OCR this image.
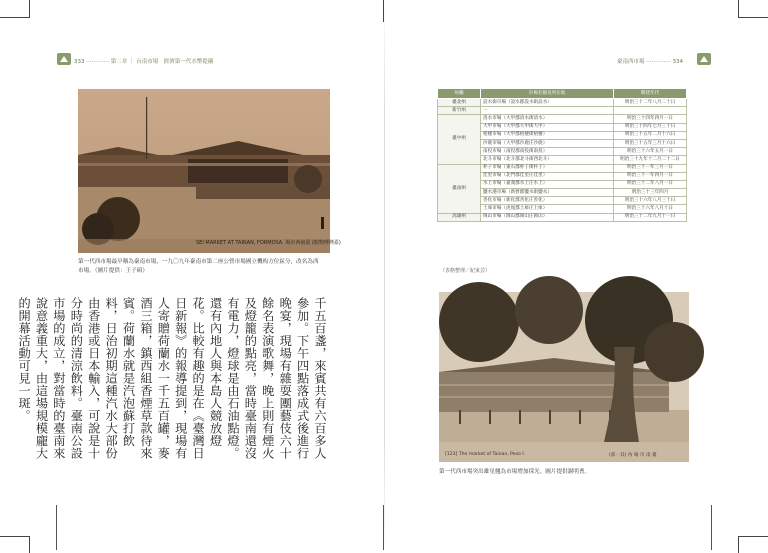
333 ············· 第二章 ｜ 台南市場　經濟第一代水幣提襯	臺南西市場 ·············· 334
SEI MARKET AT TAINAN, FORMOSA. 場市西南臺 (館物博灣臺)
第一代西市場最早稱為臺南市場，一九〇九年臺南市第二座公營市場國立機构方位區分，改名為西
市場。（圖片提供：王子碩）
千五百盞，來賓共有六百多人參加。下午四點落成式後進行晚宴，現場有雜耍團藝伎六十餘名表演歌舞，晚上則有煙火及燈籠的點亮，當時臺南還沒有電力，燈球是由石油點燈。還有內地人與本島人競放燈花。比較有趣的是在《臺灣日日新報》的報導提到，現場有人寄贈荷蘭水一千五百罐，麥酒三箱，鎮西組香煙草款待來賓。荷蘭水就是汽泡蘇打飲料，日治初期這種汽水大部份由香港或日本輸入，可說是十分時尚的清涼飲料。臺南公設市場的成立，對當時的臺南來說意義重大，由這場規模龐大的開幕活動可見一斑。
州廳	市場名稱及所在地	興建年代
臺北州	設水街市場（設水郡設水街設水）	明治三十二年八月二十日
新竹州	一	
臺中州	清水市場（大甲郡清水街清水）	明治三十四年四月一日
	大甲市場（大甲郡大甲街大甲）	明治三十四年七月三十日
	梧棲市場（大甲郡梧棲街梧棲）	明治三十五年二月十六日
	沙鹿市場（大甲郡沙鹿庄沙鹿）	明治三十五年三月十六日
	南投市場（南投郡南投街南投）	明治三十六年五月一日
	北斗市場（北斗郡北斗街西北斗）	明治三十九年十二月二十二日
臺南州	朴子市場（東石郡朴子街朴子）	明治三十一年三月一日
	佳里市場（北門郡佳里庄佳里）	明治三十一年四月一日
	水上市場（嘉義郡水上庄水上）	明治三十二年八月一日
	鹽水港市場（新營郡鹽水街鹽水）	明治三十三年四月
	善化市場（新化郡善化庄善化）	明治三十六年八月三十日
	土庫市場（虎尾郡土庫庄土庫）	明治三十六年八月十日
高雄州	岡山市場（岡山郡岡山庄岡山）	明治三十二年九月十一日
（表格整理／紀束芸）
[123] The market of Tainan, Peso I.	(部一其) 內 場 市 南 臺
第一代西市場突出雄星翹為市場增加採光。圖片提供謝明耆。
